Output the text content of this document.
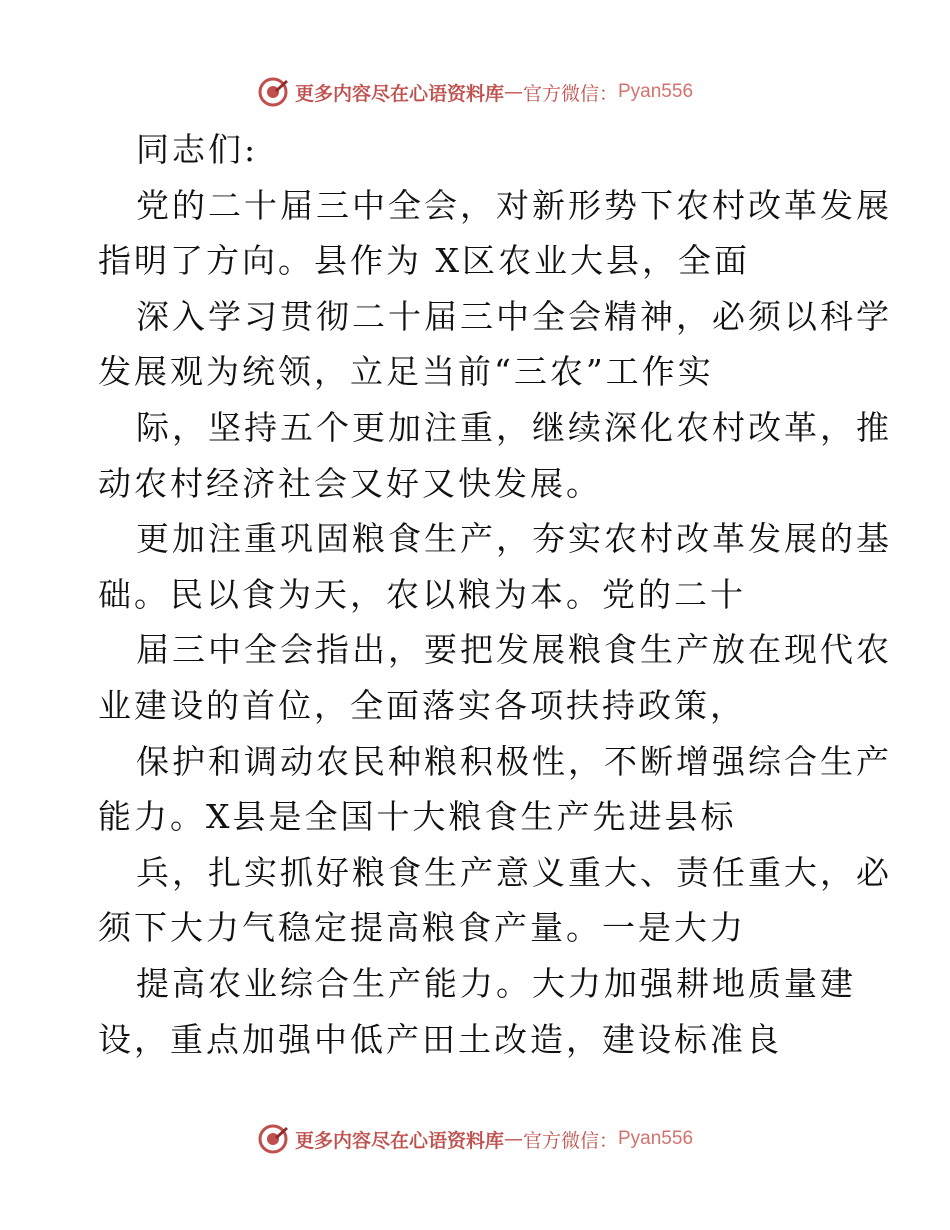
更多内容尽在心语资料库 — 官方微信： Pyan556
同志们:
党的二十届三中全会，对新形势下农村改革发展
指明了方向。县作为 X区农业大县，全面
深入学习贯彻二十届三中全会精神，必须以科学
发展观为统领，立足当前“三农”工作实
际，坚持五个更加注重，继续深化农村改革，推
动农村经济社会又好又快发展。
更加注重巩固粮食生产，夯实农村改革发展的基
础。民以食为天，农以粮为本。党的二十
届三中全会指出，要把发展粮食生产放在现代农
业建设的首位，全面落实各项扶持政策，
保护和调动农民种粮积极性，不断增强综合生产
能力。X县是全国十大粮食生产先进县标
兵，扎实抓好粮食生产意义重大、责任重大，必
须下大力气稳定提高粮食产量。一是大力
提高农业综合生产能力。大力加强耕地质量建
设，重点加强中低产田土改造，建设标准良
更多内容尽在心语资料库 — 官方微信： Pyan556
